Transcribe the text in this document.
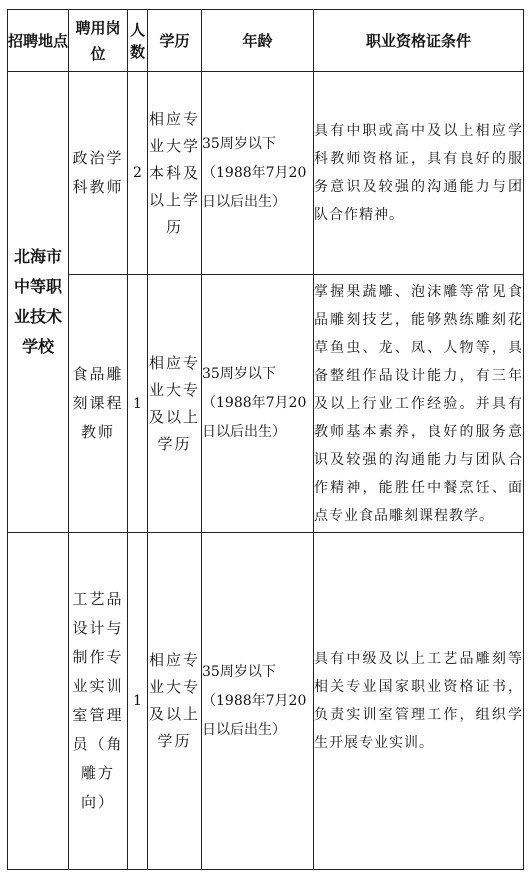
招聘地点	聘用岗位	人数	学历	年龄	职业资格证条件
北海市中等职业技术学校	政治学科教师	2	相应专业大学本科及以上学历	35周岁以下（1988年7月20日以后出生）	具有中职或高中及以上相应学科教师资格证，具有良好的服务意识及较强的沟通能力与团队合作精神。
	食品雕刻课程教师	1	相应专业大专及以上学历	35周岁以下（1988年7月20日以后出生）	掌握果蔬雕、泡沫雕等常见食品雕刻技艺，能够熟练雕刻花草鱼虫、龙、凤、人物等，具备整组作品设计能力，有三年及以上行业工作经验。并具有教师基本素养，良好的服务意识及较强的沟通能力与团队合作精神，能胜任中餐烹饪、面点专业食品雕刻课程教学。
	工艺品设计与制作专业实训室管理员（角雕方向）	1	相应专业大专及以上学历	35周岁以下（1988年7月20日以后出生）	具有中级及以上工艺品雕刻等相关专业国家职业资格证书，负责实训室管理工作，组织学生开展专业实训。
